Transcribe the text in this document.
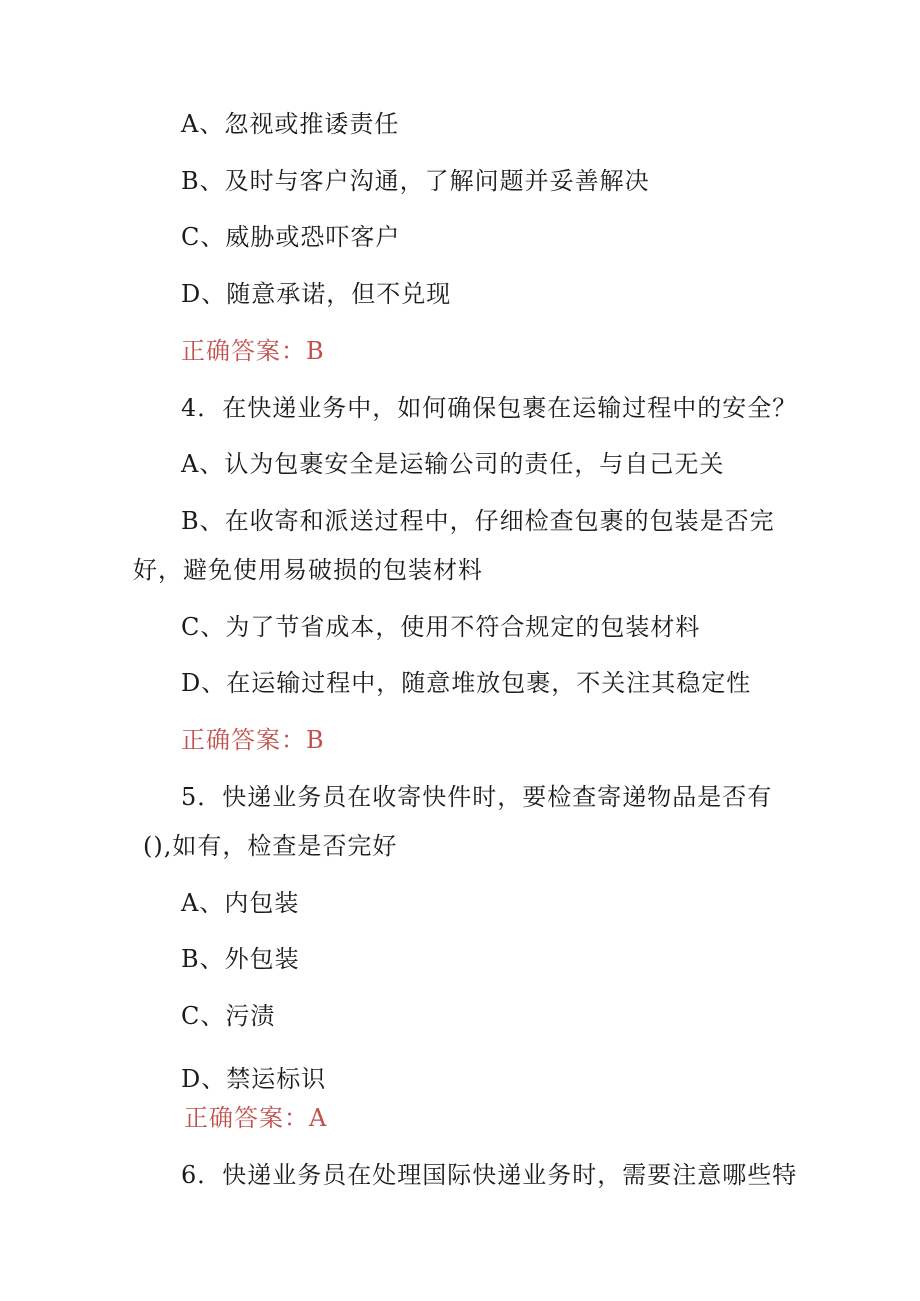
A、忽视或推诿责任
B、及时与客户沟通，了解问题并妥善解决
C、威胁或恐吓客户
D、随意承诺，但不兑现
正确答案：B
4．在快递业务中，如何确保包裹在运输过程中的安全？
A、认为包裹安全是运输公司的责任，与自己无关
B、在收寄和派送过程中，仔细检查包裹的包装是否完
好，避免使用易破损的包装材料
C、为了节省成本，使用不符合规定的包装材料
D、在运输过程中，随意堆放包裹，不关注其稳定性
正确答案：B
5．快递业务员在收寄快件时，要检查寄递物品是否有
(),如有，检查是否完好
A、内包装
B、外包装
C、污渍
D、禁运标识
正确答案：A
6．快递业务员在处理国际快递业务时，需要注意哪些特
